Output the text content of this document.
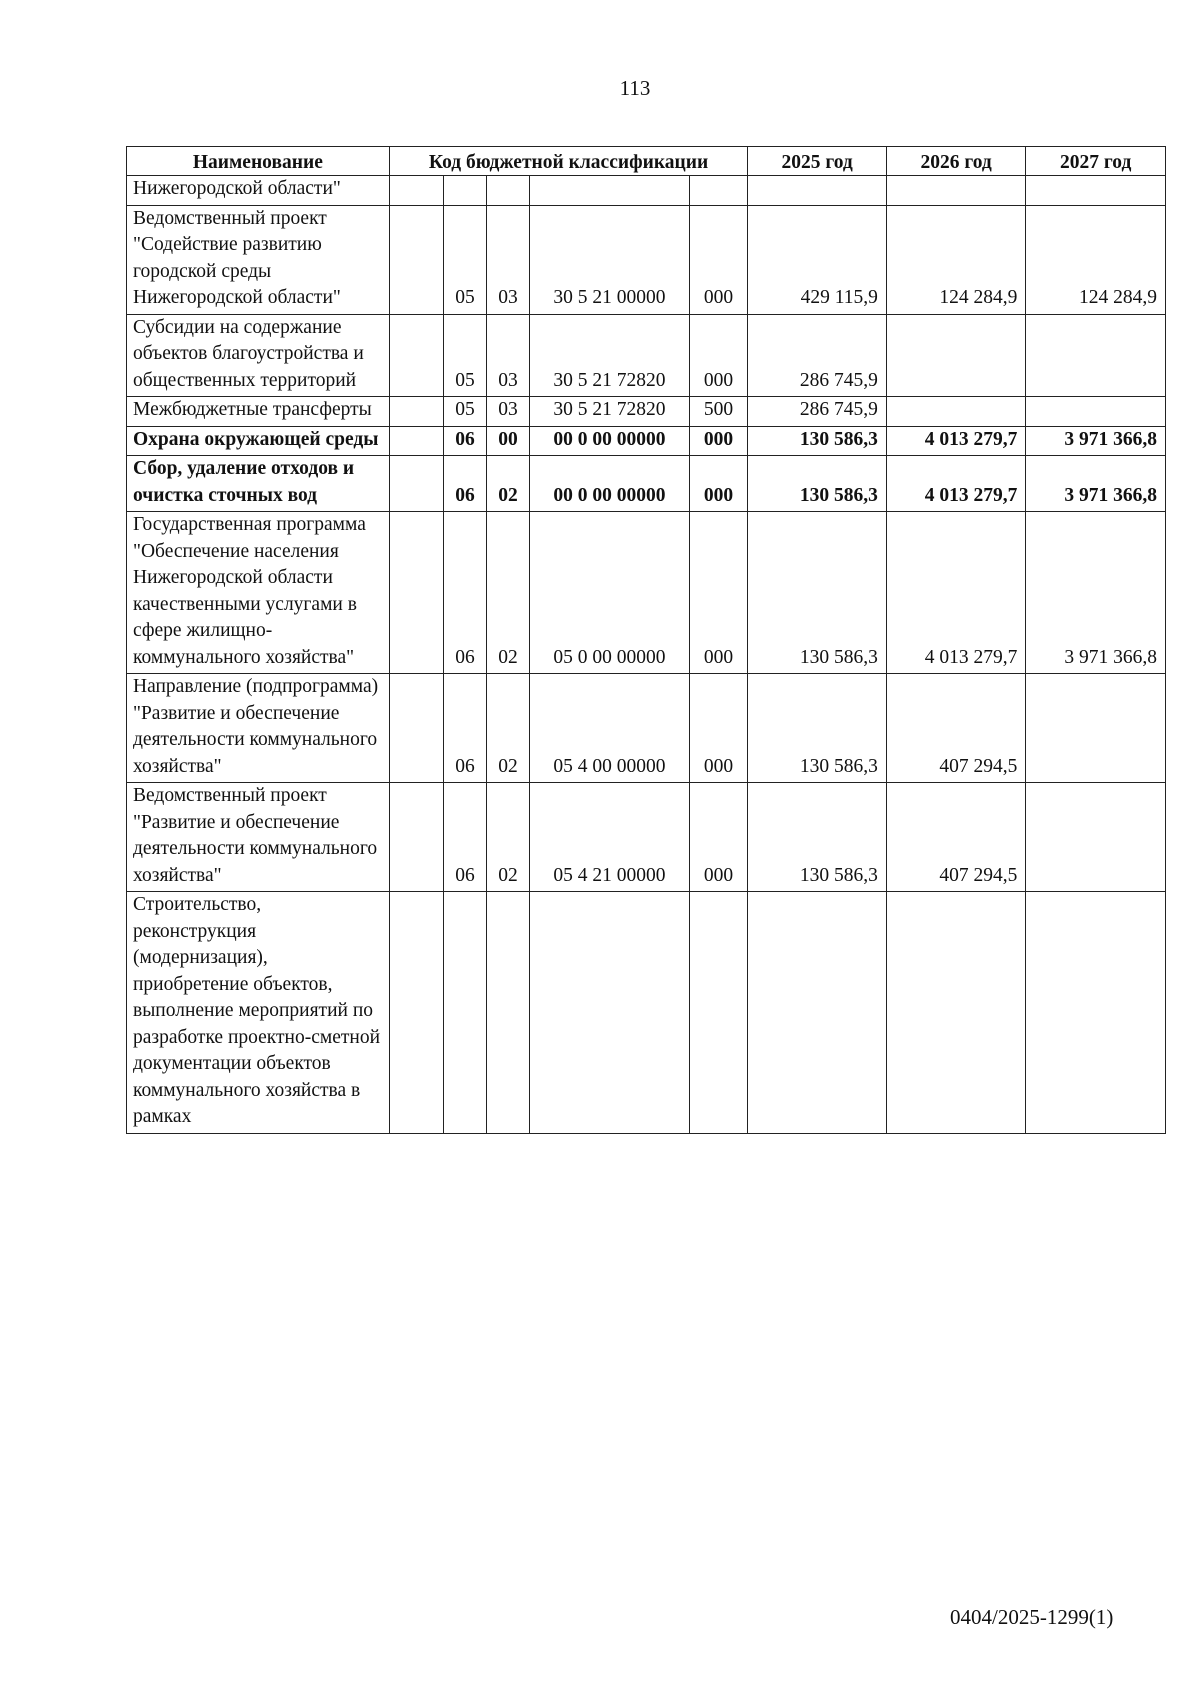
113
Наименование	Код бюджетной классификации					2025 год	2026 год	2027 год
Нижегородской области"								
Ведомственный проект "Содействие развитию городской среды Нижегородской области"		05	03	30 5 21 00000	000	429 115,9	124 284,9	124 284,9
Субсидии на содержание объектов благоустройства и общественных территорий		05	03	30 5 21 72820	000	286 745,9		
Межбюджетные трансферты		05	03	30 5 21 72820	500	286 745,9		
Охрана окружающей среды		06	00	00 0 00 00000	000	130 586,3	4 013 279,7	3 971 366,8
Сбор, удаление отходов и очистка сточных вод		06	02	00 0 00 00000	000	130 586,3	4 013 279,7	3 971 366,8
Государственная программа "Обеспечение населения Нижегородской области качественными услугами в сфере жилищно-коммунального хозяйства"		06	02	05 0 00 00000	000	130 586,3	4 013 279,7	3 971 366,8
Направление (подпрограмма) "Развитие и обеспечение деятельности коммунального хозяйства"		06	02	05 4 00 00000	000	130 586,3	407 294,5	
Ведомственный проект "Развитие и обеспечение деятельности коммунального хозяйства"		06	02	05 4 21 00000	000	130 586,3	407 294,5	
Строительство, реконструкция (модернизация), приобретение объектов, выполнение мероприятий по разработке проектно-сметной документации объектов коммунального хозяйства в рамках								
0404/2025-1299(1)
